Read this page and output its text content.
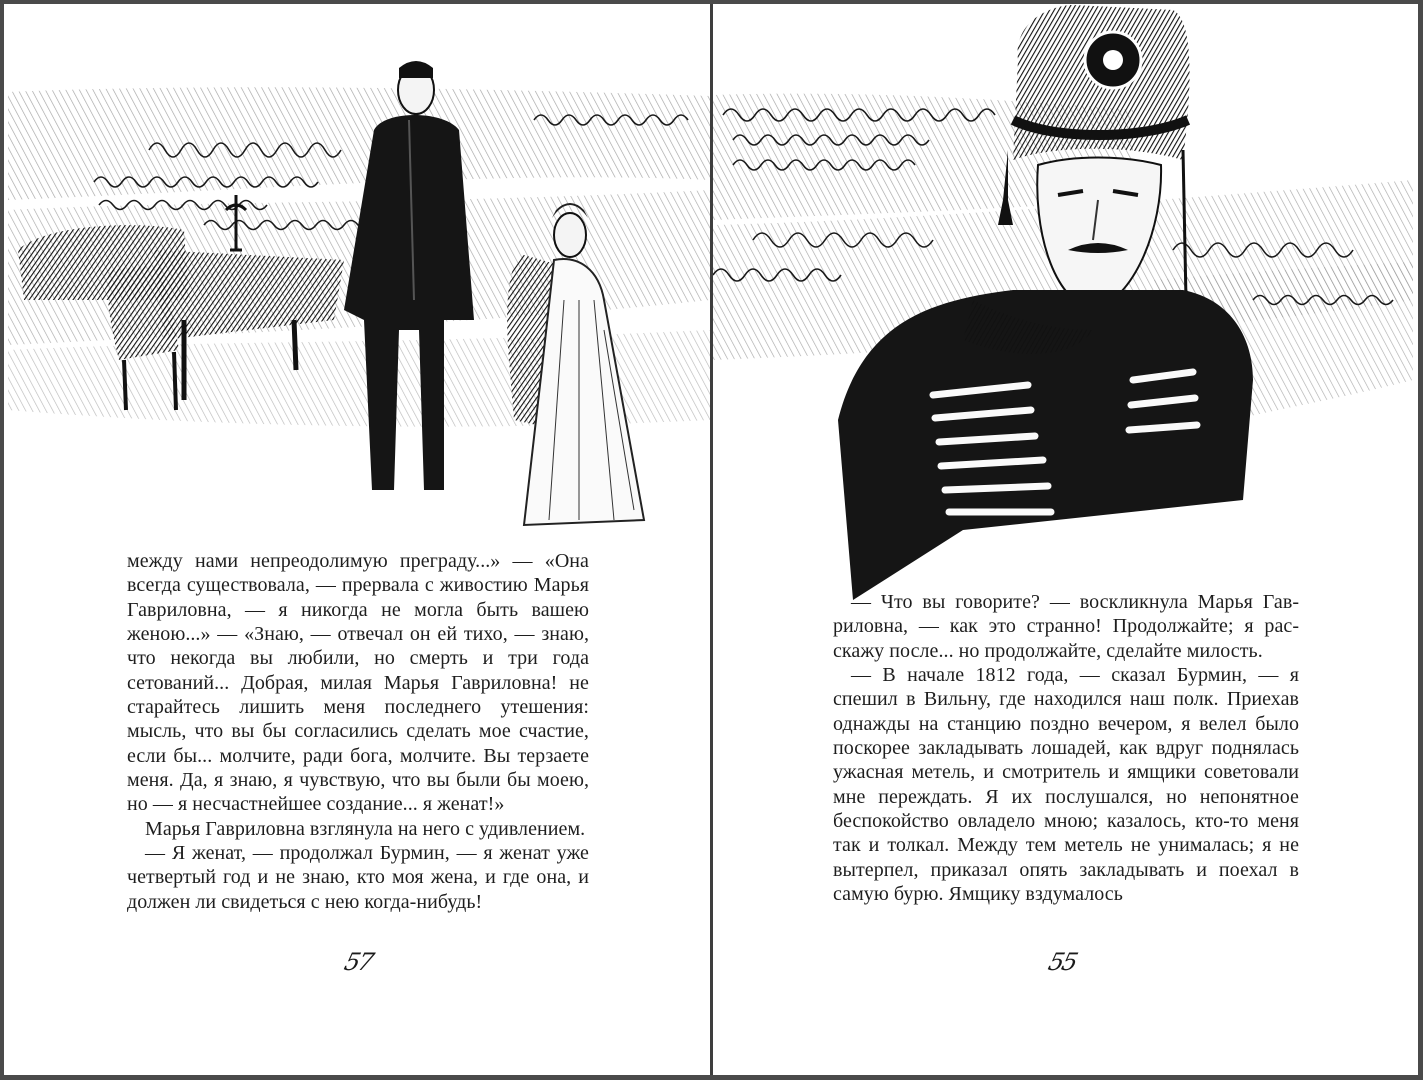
между нами непреодолимую преграду...» — «Она всегда существовала, — прервала с живостию Марья Гавриловна, — я никогда не могла быть вашею женою...» — «Знаю, — отвечал он ей тихо, — знаю, что некогда вы любили, но смерть и три года сетований... Добрая, милая Марья Гавриловна! не старайтесь лишить меня последнего утешения: мысль, что вы бы согласились сделать мое счастие, если бы... молчите, ради бога, молчите. Вы терзаете меня. Да, я знаю, я чувствую, что вы были бы моею, но — я несчастнейшее создание... я женат!»

Марья Гавриловна взглянула на него с удивлением.

— Я женат, — продолжал Бурмин, — я женат уже четвертый год и не знаю, кто моя жена, и где она, и должен ли свидеться с нею когда-нибудь!

57

— Что вы говорите? — воскликнула Марья Гавриловна, — как это странно! Продолжайте; я расскажу после... но продолжайте, сделайте милость.

— В начале 1812 года, — сказал Бурмин, — я спешил в Вильну, где находился наш полк. Приехав однажды на станцию поздно вечером, я велел было поскорее закладывать лошадей, как вдруг поднялась ужасная метель, и смотритель и ямщики советовали мне переждать. Я их послушался, но непонятное беспокойство овладело мною; казалось, кто-то меня так и толкал. Между тем метель не унималась; я не вытерпел, приказал опять закладывать и поехал в самую бурю. Ямщику вздумалось

55
